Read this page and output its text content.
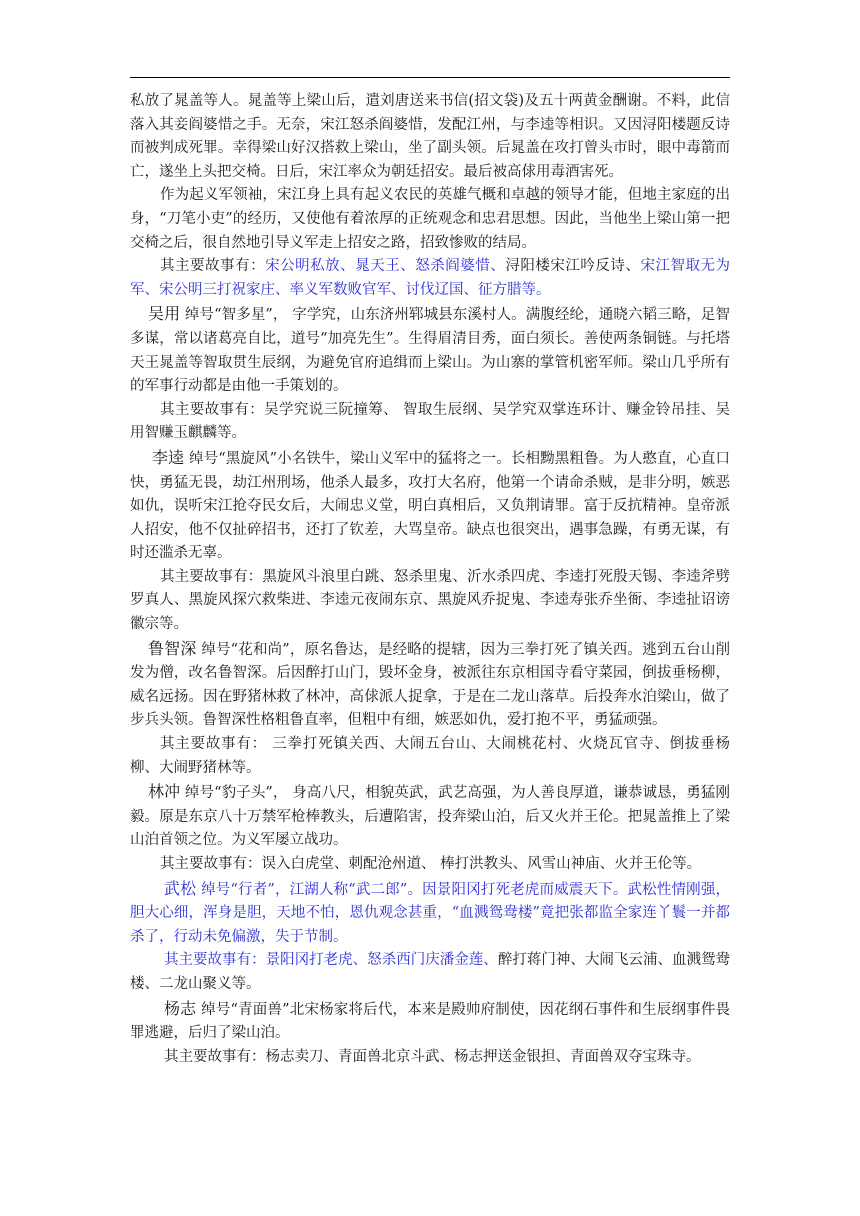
私放了晁盖等人。晁盖等上梁山后，遣刘唐送来书信(招文袋)及五十两黄金酬谢。不料，此信落入其妾阎婆惜之手。无奈，宋江怒杀阎婆惜，发配江州，与李逵等相识。又因浔阳楼题反诗而被判成死罪。幸得梁山好汉搭救上梁山，坐了副头领。后晁盖在攻打曾头市时，眼中毒箭而亡，遂坐上头把交椅。日后，宋江率众为朝廷招安。最后被高俅用毒酒害死。

作为起义军领袖，宋江身上具有起义农民的英雄气概和卓越的领导才能，但地主家庭的出身，“刀笔小吏”的经历，又使他有着浓厚的正统观念和忠君思想。因此，当他坐上梁山第一把交椅之后，很自然地引导义军走上招安之路，招致惨败的结局。

其主要故事有：宋公明私放、晁天王、怒杀阎婆惜、浔阳楼宋江吟反诗、宋江智取无为军、宋公明三打祝家庄、率义军数败官军、讨伐辽国、征方腊等。

吴用 绰号“智多星”， 字学究，山东济州郓城县东溪村人。满腹经纶，通晓六韬三略，足智多谋，常以诸葛亮自比，道号“加亮先生”。生得眉清目秀，面白须长。善使两条铜链。与托塔天王晁盖等智取贯生辰纲，为避免官府追缉而上梁山。为山寨的掌管机密军师。梁山几乎所有的军事行动都是由他一手策划的。

其主要故事有：吴学究说三阮撞筹、 智取生辰纲、吴学究双掌连环计、赚金铃吊挂、吴用智赚玉麒麟等。

李逵 绰号“黑旋风”小名铁牛，梁山义军中的猛将之一。长相黝黑粗鲁。为人憨直，心直口快，勇猛无畏，劫江州刑场，他杀人最多，攻打大名府，他第一个请命杀贼，是非分明，嫉恶如仇，误听宋江抢夺民女后，大闹忠义堂，明白真相后，又负荆请罪。富于反抗精神。皇帝派人招安，他不仅扯碎招书，还打了钦差，大骂皇帝。缺点也很突出，遇事急躁，有勇无谋，有时还滥杀无辜。

其主要故事有：黑旋风斗浪里白跳、怒杀里鬼、沂水杀四虎、李逵打死殷天锡、李逵斧劈罗真人、黑旋风探穴救柴进、李逵元夜闹东京、黑旋风乔捉鬼、李逵寿张乔坐衙、李逵扯诏谤徽宗等。

鲁智深 绰号“花和尚”，原名鲁达，是经略的提辖，因为三拳打死了镇关西。逃到五台山削发为僧，改名鲁智深。后因醉打山门，毁坏金身，被派往东京相国寺看守菜园，倒拔垂杨柳，威名远扬。因在野猪林救了林冲，高俅派人捉拿，于是在二龙山落草。后投奔水泊梁山，做了步兵头领。鲁智深性格粗鲁直率，但粗中有细，嫉恶如仇，爱打抱不平，勇猛顽强。

其主要故事有： 三拳打死镇关西、大闹五台山、大闹桃花村、火烧瓦官寺、倒拔垂杨柳、大闹野猪林等。

林冲 绰号“豹子头”， 身高八尺，相貌英武，武艺高强，为人善良厚道，谦恭诚恳，勇猛刚毅。原是东京八十万禁军枪棒教头，后遭陷害，投奔梁山泊，后又火并王伦。把晁盖推上了梁山泊首领之位。为义军屡立战功。

其主要故事有：误入白虎堂、刺配沧州道、 棒打洪教头、风雪山神庙、火并王伦等。

武松 绰号“行者”，江湖人称“武二郎”。因景阳冈打死老虎而威震天下。武松性情刚强，胆大心细，浑身是胆，天地不怕，恩仇观念甚重，“血溅鸳鸯楼”竟把张都监全家连丫鬟一并都杀了，行动未免偏激，失于节制。

其主要故事有：景阳冈打老虎、怒杀西门庆潘金莲、醉打蒋门神、大闹飞云浦、血溅鸳鸯楼、二龙山聚义等。

杨志 绰号“青面兽”北宋杨家将后代，本来是殿帅府制使，因花纲石事件和生辰纲事件畏罪逃避，后归了梁山泊。

其主要故事有：杨志卖刀、青面兽北京斗武、杨志押送金银担、青面兽双夺宝珠寺。
